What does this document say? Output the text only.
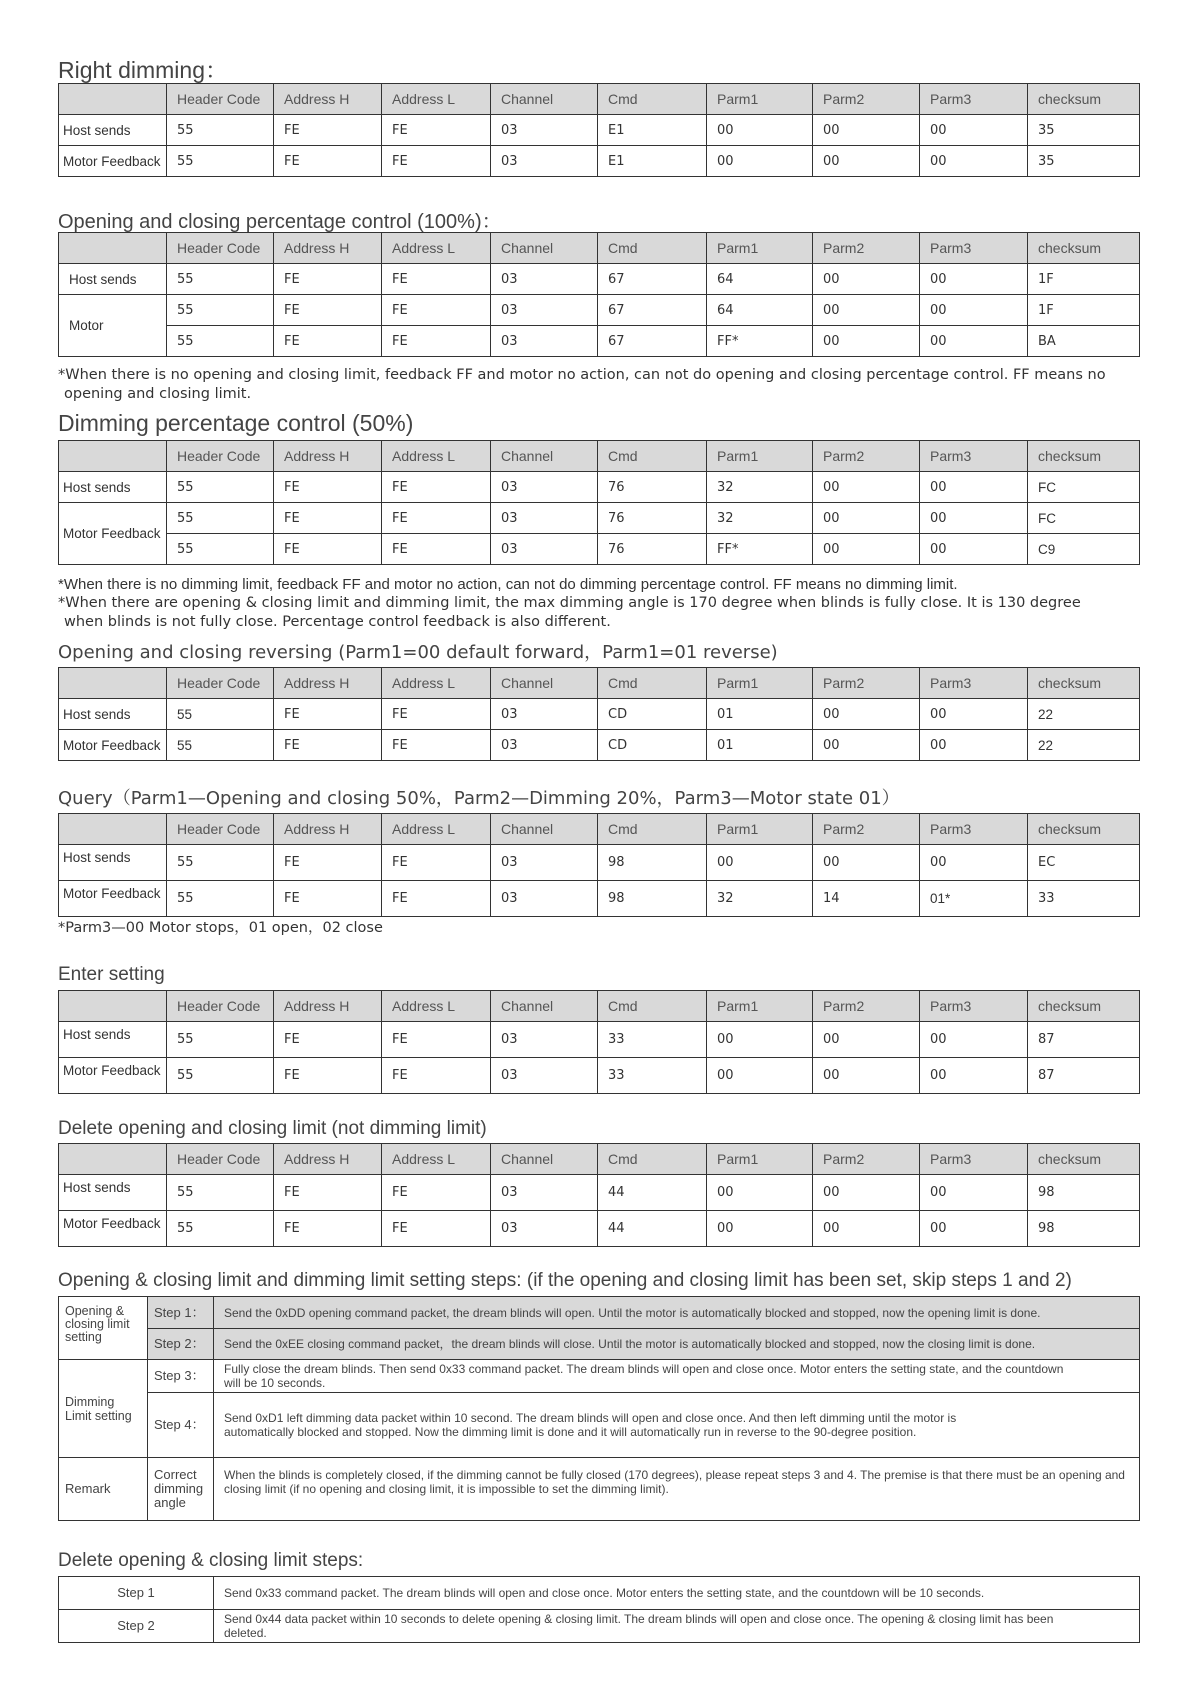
Right dimming：
	Header Code	Address H	Address L	Channel	Cmd	Parm1	Parm2	Parm3	checksum
Host sends	55	FE	FE	03	E1	00	00	00	35
Motor Feedback	55	FE	FE	03	E1	00	00	00	35
Opening and closing percentage control (100%)：
	Header Code	Address H	Address L	Channel	Cmd	Parm1	Parm2	Parm3	checksum
Host sends	55	FE	FE	03	67	64	00	00	1F
Motor	55	FE	FE	03	67	64	00	00	1F
	55	FE	FE	03	67	FF*	00	00	BA
*When there is no opening and closing limit, feedback FF and motor no action, can not do opening and closing percentage control. FF means no
opening and closing limit.
Dimming percentage control (50%)
	Header Code	Address H	Address L	Channel	Cmd	Parm1	Parm2	Parm3	checksum
Host sends	55	FE	FE	03	76	32	00	00	FC
Motor Feedback	55	FE	FE	03	76	32	00	00	FC
	55	FE	FE	03	76	FF*	00	00	C9
*When there is no dimming limit, feedback FF and motor no action, can not do dimming percentage control. FF means no dimming limit.
*When there are opening & closing limit and dimming limit, the max dimming angle is 170 degree when blinds is fully close. It is 130 degree
when blinds is not fully close. Percentage control feedback is also different.
Opening and closing reversing (Parm1=00 default forward，Parm1=01 reverse)
	Header Code	Address H	Address L	Channel	Cmd	Parm1	Parm2	Parm3	checksum
Host sends	55	FE	FE	03	CD	01	00	00	22
Motor Feedback	55	FE	FE	03	CD	01	00	00	22
Query（Parm1—Opening and closing 50%，Parm2—Dimming 20%，Parm3—Motor state 01）
	Header Code	Address H	Address L	Channel	Cmd	Parm1	Parm2	Parm3	checksum
Host sends	55	FE	FE	03	98	00	00	00	EC
Motor Feedback	55	FE	FE	03	98	32	14	01*	33
*Parm3—00 Motor stops，01 open，02 close
Enter setting
	Header Code	Address H	Address L	Channel	Cmd	Parm1	Parm2	Parm3	checksum
Host sends	55	FE	FE	03	33	00	00	00	87
Motor Feedback	55	FE	FE	03	33	00	00	00	87
Delete opening and closing limit (not dimming limit)
	Header Code	Address H	Address L	Channel	Cmd	Parm1	Parm2	Parm3	checksum
Host sends	55	FE	FE	03	44	00	00	00	98
Motor Feedback	55	FE	FE	03	44	00	00	00	98
Opening & closing limit and dimming limit setting steps: (if the opening and closing limit has been set, skip steps 1 and 2)
Opening & closing limit setting	Step 1：	Send the 0xDD opening command packet, the dream blinds will open. Until the motor is automatically blocked and stopped, now the opening limit is done.
	Step 2：	Send the 0xEE closing command packet，the dream blinds will close. Until the motor is automatically blocked and stopped, now the closing limit is done.
Dimming Limit setting	Step 3：	Fully close the dream blinds. Then send 0x33 command packet. The dream blinds will open and close once. Motor enters the setting state, and the countdown will be 10 seconds.
	Step 4：	Send 0xD1 left dimming data packet within 10 second. The dream blinds will open and close once. And then left dimming until the motor is automatically blocked and stopped. Now the dimming limit is done and it will automatically run in reverse to the 90-degree position.
Remark	Correct dimming angle	When the blinds is completely closed, if the dimming cannot be fully closed (170 degrees), please repeat steps 3 and 4. The premise is that there must be an opening and closing limit (if no opening and closing limit, it is impossible to set the dimming limit).
Delete opening & closing limit steps:
Step 1	Send 0x33 command packet. The dream blinds will open and close once. Motor enters the setting state, and the countdown will be 10 seconds.
Step 2	Send 0x44 data packet within 10 seconds to delete opening & closing limit. The dream blinds will open and close once. The opening & closing limit has been deleted.
